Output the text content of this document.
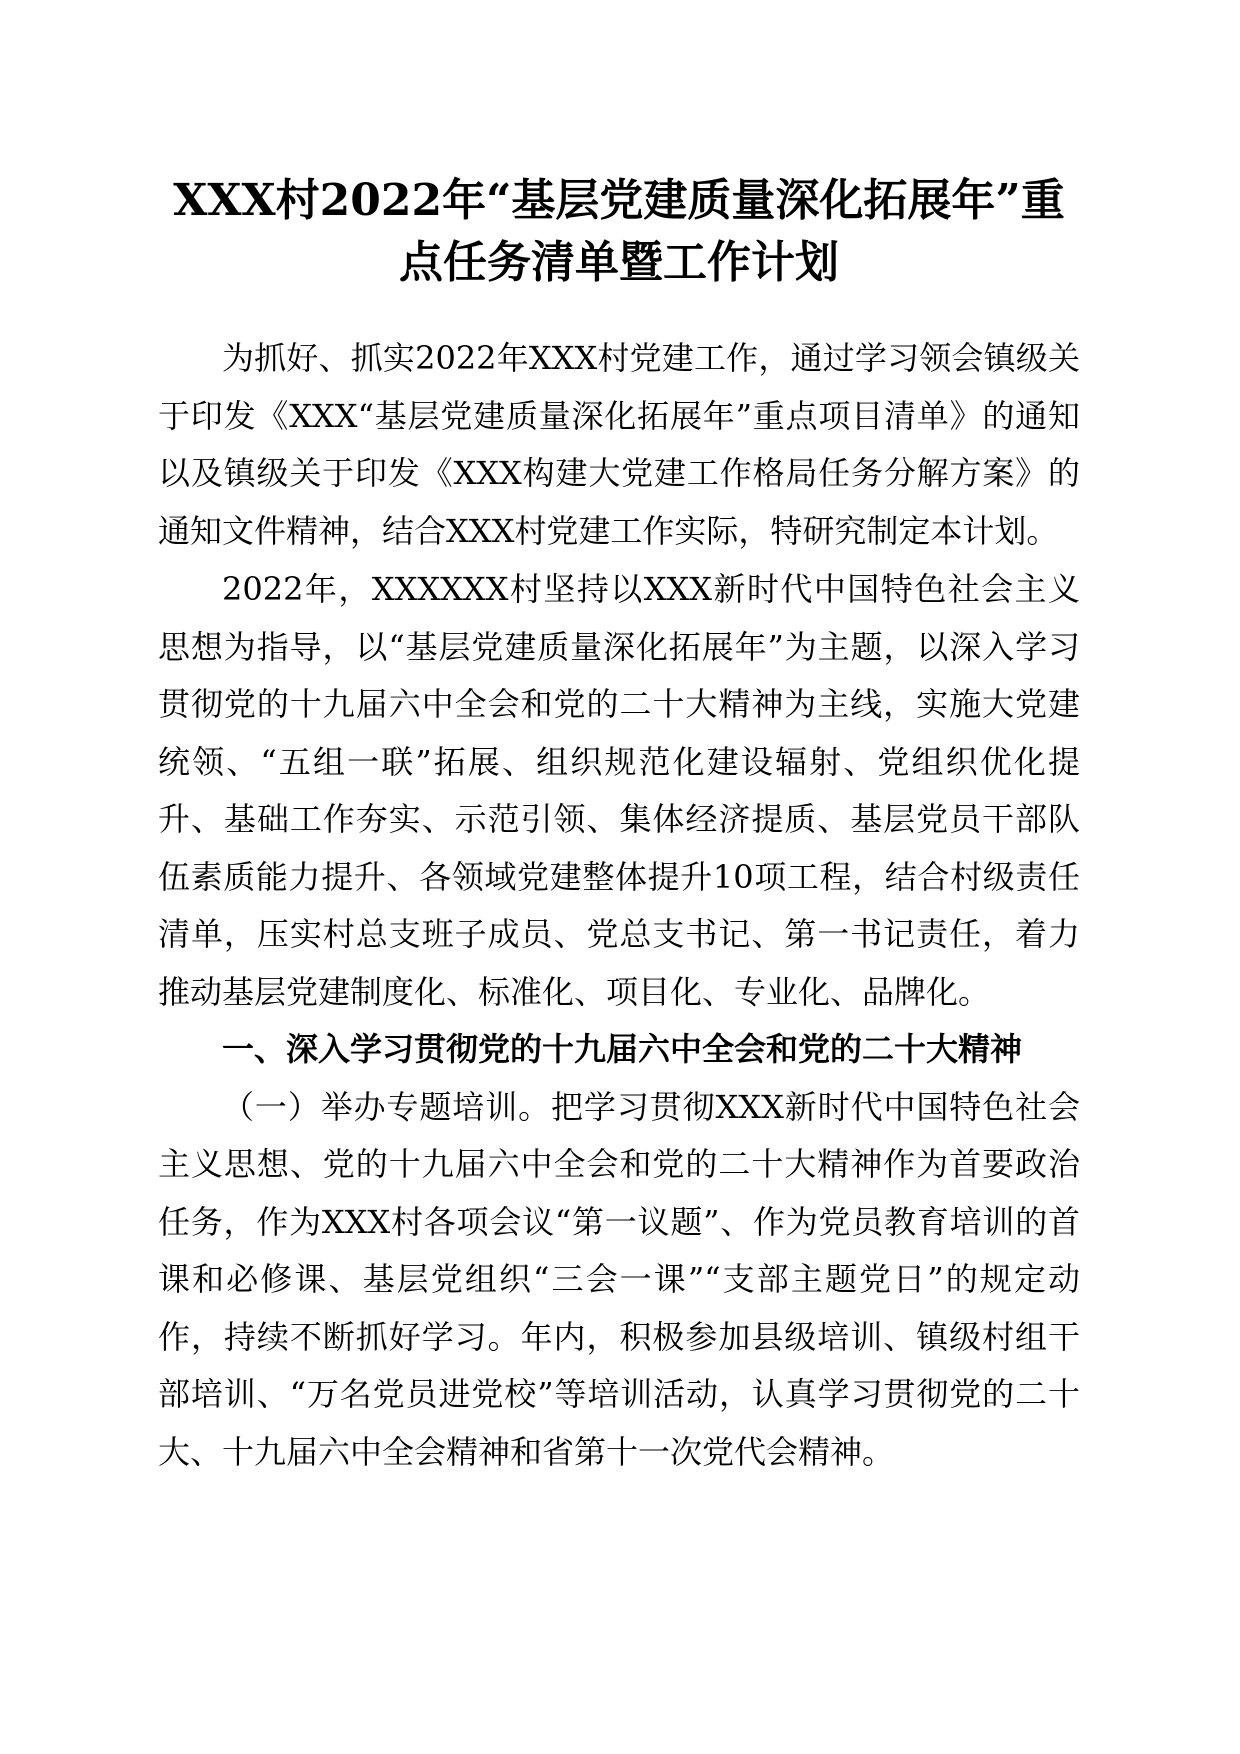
XXX村2022年“基层党建质量深化拓展年”重
点任务清单暨工作计划

为抓好、抓实2022年XXX村党建工作，通过学习领会镇级关于印发《XXX“基层党建质量深化拓展年”重点项目清单》的通知以及镇级关于印发《XXX构建大党建工作格局任务分解方案》的通知文件精神，结合XXX村党建工作实际，特研究制定本计划。

2022年，XXXXXX村坚持以XXX新时代中国特色社会主义思想为指导，以“基层党建质量深化拓展年”为主题，以深入学习贯彻党的十九届六中全会和党的二十大精神为主线，实施大党建统领、“五组一联”拓展、组织规范化建设辐射、党组织优化提升、基础工作夯实、示范引领、集体经济提质、基层党员干部队伍素质能力提升、各领域党建整体提升10项工程，结合村级责任清单，压实村总支班子成员、党总支书记、第一书记责任，着力推动基层党建制度化、标准化、项目化、专业化、品牌化。

一、深入学习贯彻党的十九届六中全会和党的二十大精神

（一）举办专题培训。把学习贯彻XXX新时代中国特色社会主义思想、党的十九届六中全会和党的二十大精神作为首要政治任务，作为XXX村各项会议“第一议题”、作为党员教育培训的首课和必修课、基层党组织“三会一课”“支部主题党日”的规定动作，持续不断抓好学习。年内，积极参加县级培训、镇级村组干部培训、“万名党员进党校”等培训活动，认真学习贯彻党的二十大、十九届六中全会精神和省第十一次党代会精神。
